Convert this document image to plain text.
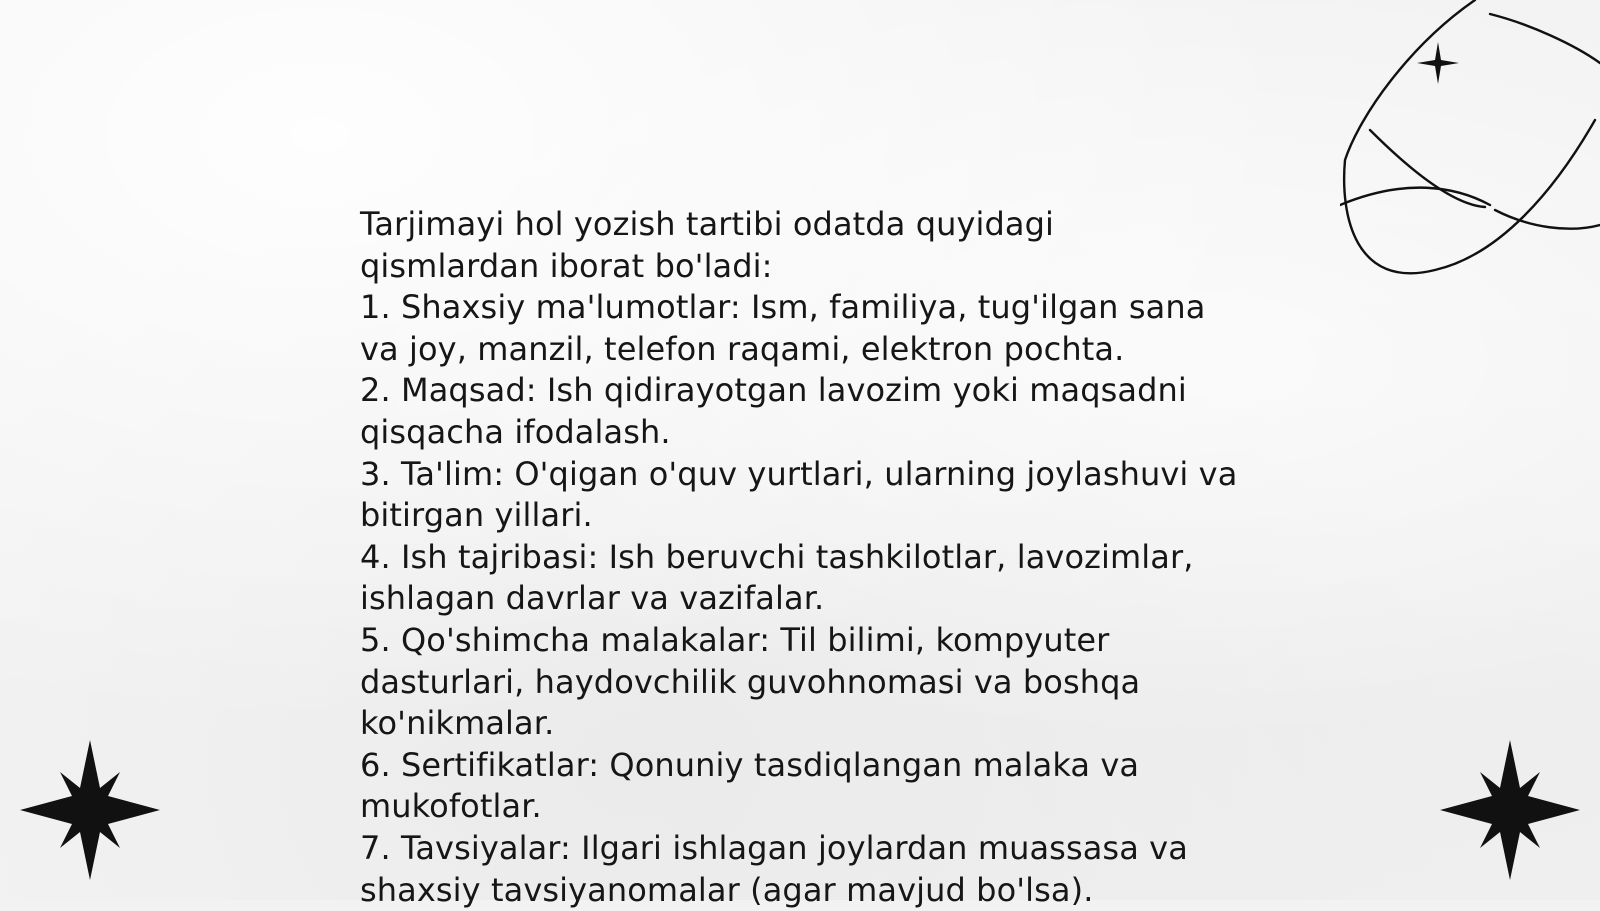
Tarjimayi hol yozish tartibi odatda quyidagi qismlardan iborat bo'ladi:

1. Shaxsiy ma'lumotlar: Ism, familiya, tug'ilgan sana va joy, manzil, telefon raqami, elektron pochta.

2. Maqsad: Ish qidirayotgan lavozim yoki maqsadni qisqacha ifodalash.

3. Ta'lim: O'qigan o'quv yurtlari, ularning joylashuvi va bitirgan yillari.

4. Ish tajribasi: Ish beruvchi tashkilotlar, lavozimlar, ishlagan davrlar va vazifalar.

5. Qo'shimcha malakalar: Til bilimi, kompyuter dasturlari, haydovchilik guvohnomasi va boshqa ko'nikmalar.

6. Sertifikatlar: Qonuniy tasdiqlangan malaka va mukofotlar.

7. Tavsiyalar: Ilgari ishlagan joylardan muassasa va shaxsiy tavsiyanomalar (agar mavjud bo'lsa).
